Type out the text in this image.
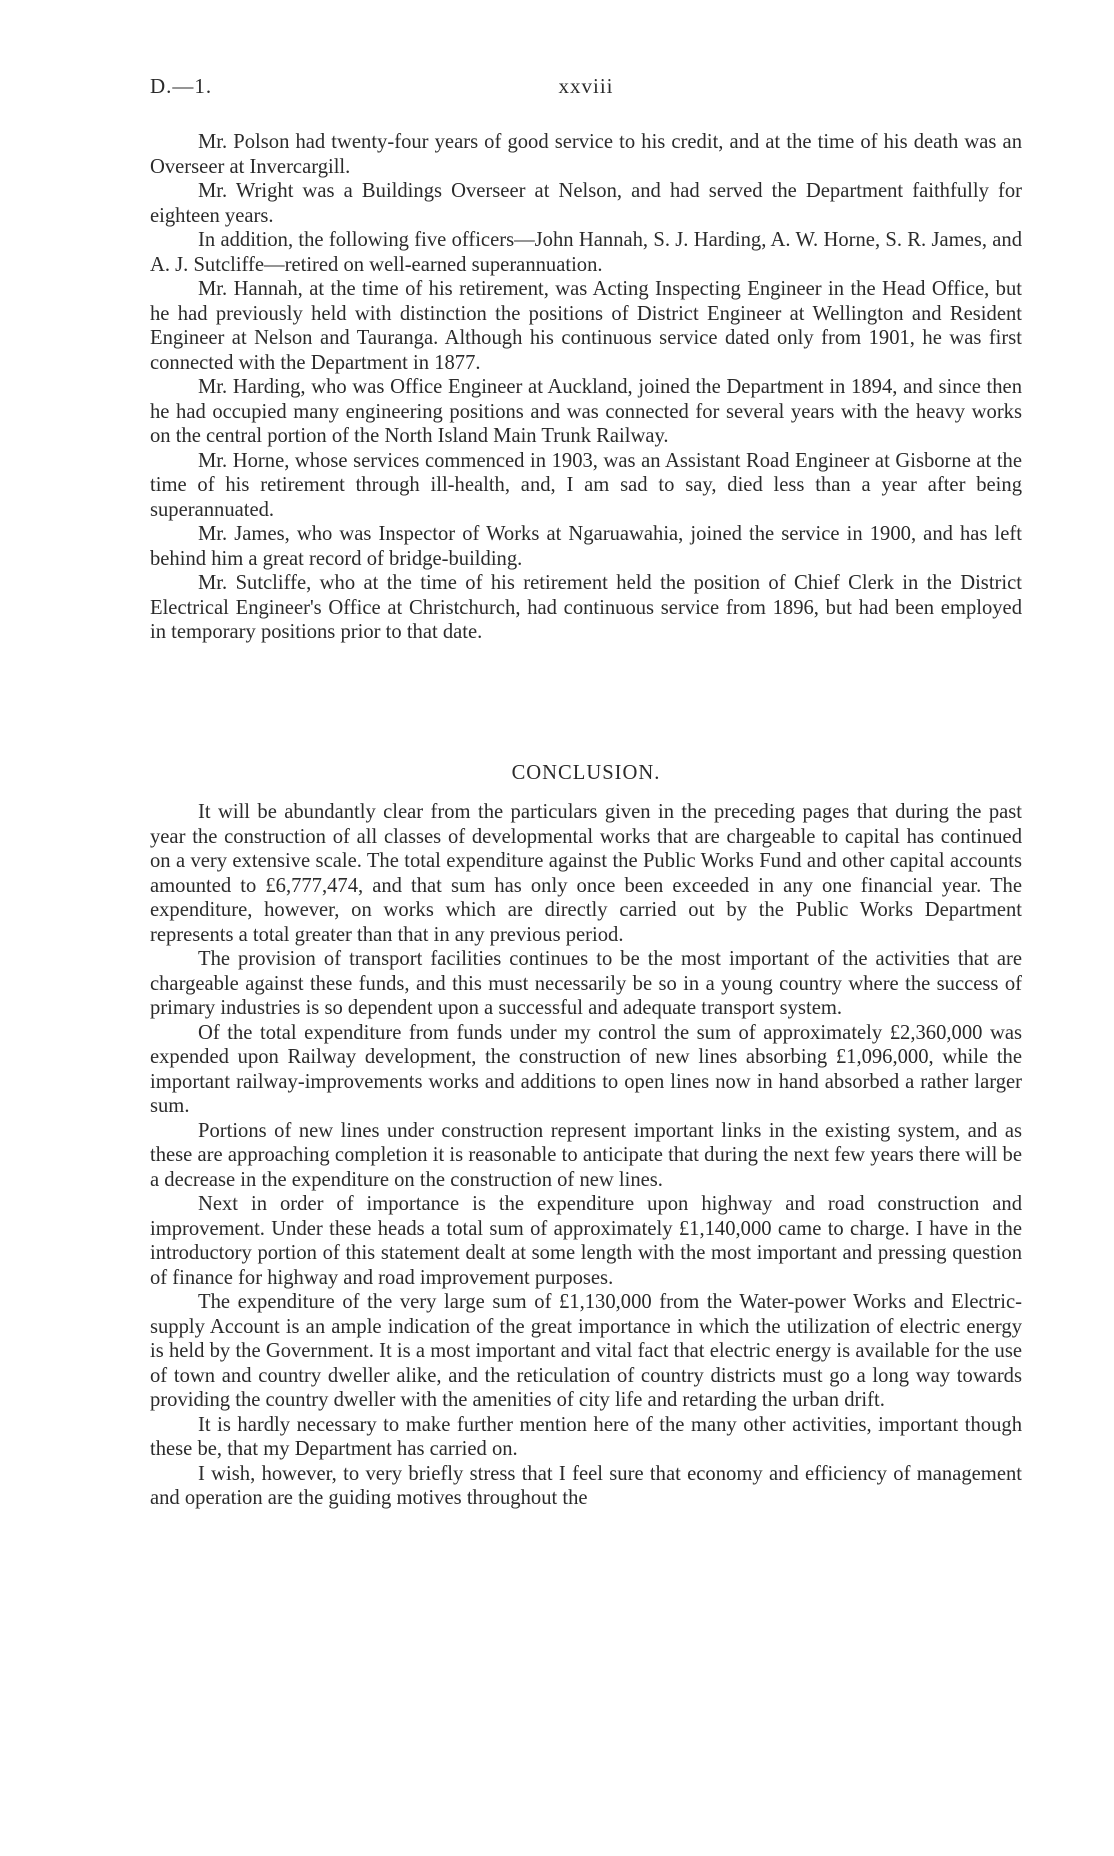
D.—1.	xxviii

Mr. Polson had twenty-four years of good service to his credit, and at the time of his death was an Overseer at Invercargill.

Mr. Wright was a Buildings Overseer at Nelson, and had served the Department faithfully for eighteen years.

In addition, the following five officers—John Hannah, S. J. Harding, A. W. Horne, S. R. James, and A. J. Sutcliffe—retired on well-earned superannuation.

Mr. Hannah, at the time of his retirement, was Acting Inspecting Engineer in the Head Office, but he had previously held with distinction the positions of District Engineer at Wellington and Resident Engineer at Nelson and Tauranga. Although his continuous service dated only from 1901, he was first connected with the Department in 1877.

Mr. Harding, who was Office Engineer at Auckland, joined the Department in 1894, and since then he had occupied many engineering positions and was connected for several years with the heavy works on the central portion of the North Island Main Trunk Railway.

Mr. Horne, whose services commenced in 1903, was an Assistant Road Engineer at Gisborne at the time of his retirement through ill-health, and, I am sad to say, died less than a year after being superannuated.

Mr. James, who was Inspector of Works at Ngaruawahia, joined the service in 1900, and has left behind him a great record of bridge-building.

Mr. Sutcliffe, who at the time of his retirement held the position of Chief Clerk in the District Electrical Engineer's Office at Christchurch, had continuous service from 1896, but had been employed in temporary positions prior to that date.

CONCLUSION.

It will be abundantly clear from the particulars given in the preceding pages that during the past year the construction of all classes of developmental works that are chargeable to capital has continued on a very extensive scale. The total expenditure against the Public Works Fund and other capital accounts amounted to £6,777,474, and that sum has only once been exceeded in any one financial year. The expenditure, however, on works which are directly carried out by the Public Works Department represents a total greater than that in any previous period.

The provision of transport facilities continues to be the most important of the activities that are chargeable against these funds, and this must necessarily be so in a young country where the success of primary industries is so dependent upon a successful and adequate transport system.

Of the total expenditure from funds under my control the sum of approximately £2,360,000 was expended upon Railway development, the construction of new lines absorbing £1,096,000, while the important railway-improvements works and additions to open lines now in hand absorbed a rather larger sum.

Portions of new lines under construction represent important links in the existing system, and as these are approaching completion it is reasonable to anticipate that during the next few years there will be a decrease in the expenditure on the construction of new lines.

Next in order of importance is the expenditure upon highway and road construction and improvement. Under these heads a total sum of approximately £1,140,000 came to charge. I have in the introductory portion of this statement dealt at some length with the most important and pressing question of finance for highway and road improvement purposes.

The expenditure of the very large sum of £1,130,000 from the Water-power Works and Electric-supply Account is an ample indication of the great importance in which the utilization of electric energy is held by the Government. It is a most important and vital fact that electric energy is available for the use of town and country dweller alike, and the reticulation of country districts must go a long way towards providing the country dweller with the amenities of city life and retarding the urban drift.

It is hardly necessary to make further mention here of the many other activities, important though these be, that my Department has carried on.

I wish, however, to very briefly stress that I feel sure that economy and efficiency of management and operation are the guiding motives throughout the
